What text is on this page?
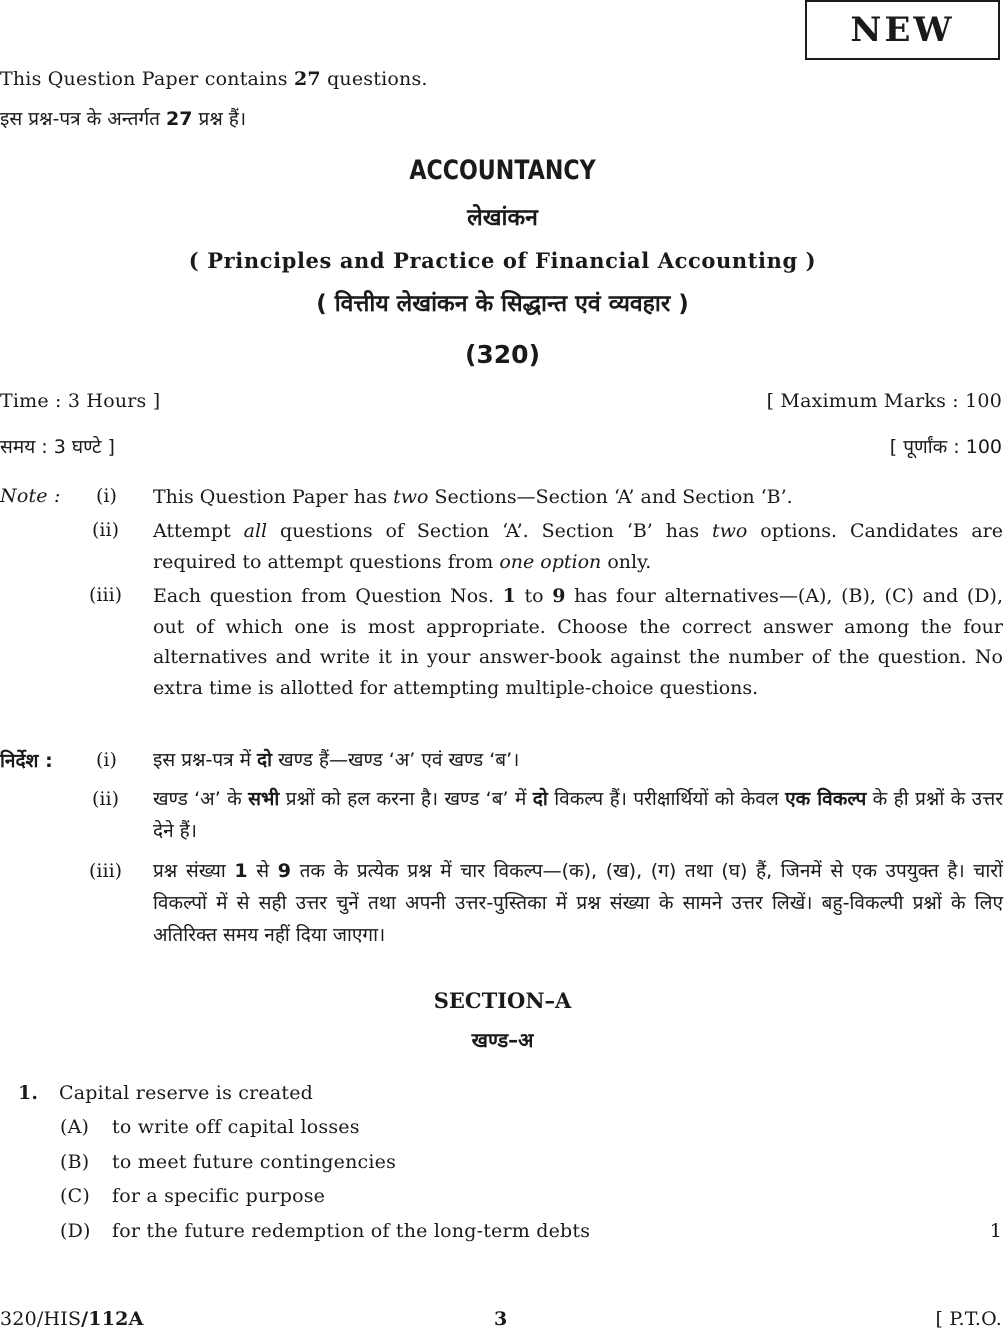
NEW
This Question Paper contains 27 questions.
इस प्रश्न-पत्र के अन्तर्गत 27 प्रश्न हैं।
ACCOUNTANCY
लेखांकन
( Principles and Practice of Financial Accounting )
( वित्तीय लेखांकन के सिद्धान्त एवं व्यवहार )
(320)
Time : 3 Hours ]	[ Maximum Marks : 100
समय : 3 घण्टे ]	[ पूर्णांक : 100
Note : (i) This Question Paper has two Sections—Section ‘A’ and Section ‘B’.
(ii) Attempt all questions of Section ‘A’. Section ‘B’ has two options. Candidates are required to attempt questions from one option only.
(iii) Each question from Question Nos. 1 to 9 has four alternatives—(A), (B), (C) and (D), out of which one is most appropriate. Choose the correct answer among the four alternatives and write it in your answer-book against the number of the question. No extra time is allotted for attempting multiple-choice questions.
निर्देश : (i) इस प्रश्न-पत्र में दो खण्ड हैं—खण्ड ‘अ’ एवं खण्ड ‘ब’।
(ii) खण्ड ‘अ’ के सभी प्रश्नों को हल करना है। खण्ड ‘ब’ में दो विकल्प हैं। परीक्षार्थियों को केवल एक विकल्प के ही प्रश्नों के उत्तर देने हैं।
(iii) प्रश्न संख्या 1 से 9 तक के प्रत्येक प्रश्न में चार विकल्प—(क), (ख), (ग) तथा (घ) हैं, जिनमें से एक उपयुक्त है। चारों विकल्पों में से सही उत्तर चुनें तथा अपनी उत्तर-पुस्तिका में प्रश्न संख्या के सामने उत्तर लिखें। बहु-विकल्पी प्रश्नों के लिए अतिरिक्त समय नहीं दिया जाएगा।
SECTION–A
खण्ड–अ
1. Capital reserve is created
(A) to write off capital losses
(B) to meet future contingencies
(C) for a specific purpose
(D) for the future redemption of the long-term debts	1
320/HIS/112A	3	[ P.T.O.
